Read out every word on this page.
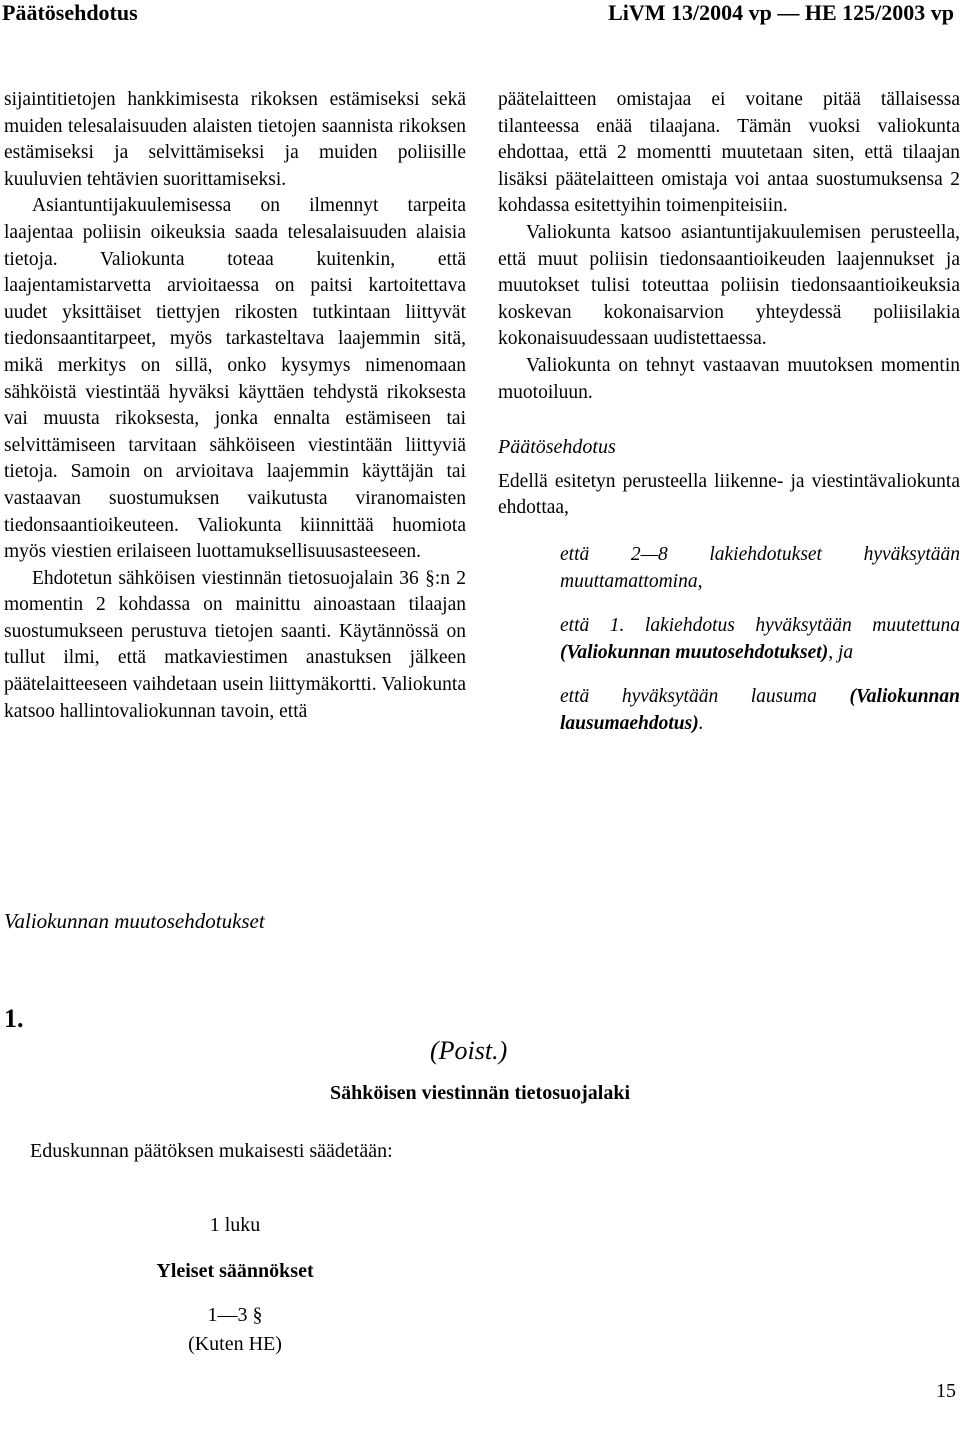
Päätösehdotus	LiVM 13/2004 vp — HE 125/2003 vp

sijaintitietojen hankkimisesta rikoksen estämiseksi sekä muiden telesalaisuuden alaisten tietojen saannista rikoksen estämiseksi ja selvittämiseksi ja muiden poliisille kuuluvien tehtävien suorittamiseksi.

Asiantuntijakuulemisessa on ilmennyt tarpeita laajentaa poliisin oikeuksia saada telesalaisuuden alaisia tietoja. Valiokunta toteaa kuitenkin, että laajentamistarvetta arvioitaessa on paitsi kartoitettava uudet yksittäiset tiettyjen rikosten tutkintaan liittyvät tiedonsaantitarpeet, myös tarkasteltava laajemmin sitä, mikä merkitys on sillä, onko kysymys nimenomaan sähköistä viestintää hyväksi käyttäen tehdystä rikoksesta vai muusta rikoksesta, jonka ennalta estämiseen tai selvittämiseen tarvitaan sähköiseen viestintään liittyviä tietoja. Samoin on arvioitava laajemmin käyttäjän tai vastaavan suostumuksen vaikutusta viranomaisten tiedonsaantioikeuteen. Valiokunta kiinnittää huomiota myös viestien erilaiseen luottamuksellisuusasteeseen.

Ehdotetun sähköisen viestinnän tietosuojalain 36 §:n 2 momentin 2 kohdassa on mainittu ainoastaan tilaajan suostumukseen perustuva tietojen saanti. Käytännössä on tullut ilmi, että matkaviestimen anastuksen jälkeen päätelaitteeseen vaihdetaan usein liittymäkortti. Valiokunta katsoo hallintovaliokunnan tavoin, että

päätelaitteen omistajaa ei voitane pitää tällaisessa tilanteessa enää tilaajana. Tämän vuoksi valiokunta ehdottaa, että 2 momentti muutetaan siten, että tilaajan lisäksi päätelaitteen omistaja voi antaa suostumuksensa 2 kohdassa esitettyihin toimenpiteisiin.

Valiokunta katsoo asiantuntijakuulemisen perusteella, että muut poliisin tiedonsaantioikeuden laajennukset ja muutokset tulisi toteuttaa poliisin tiedonsaantioikeuksia koskevan kokonaisarvion yhteydessä poliisilakia kokonaisuudessaan uudistettaessa.

Valiokunta on tehnyt vastaavan muutoksen momentin muotoiluun.

Päätösehdotus

Edellä esitetyn perusteella liikenne- ja viestintävaliokunta ehdottaa,

että 2—8 lakiehdotukset hyväksytään muuttamattomina,

että 1. lakiehdotus hyväksytään muutettuna (Valiokunnan muutosehdotukset), ja

että hyväksytään lausuma (Valiokunnan lausumaehdotus).

Valiokunnan muutosehdotukset
1.
(Poist.)
Sähköisen viestinnän tietosuojalaki
Eduskunnan päätöksen mukaisesti säädetään:
1 luku
Yleiset säännökset
1—3 §
(Kuten HE)
15
